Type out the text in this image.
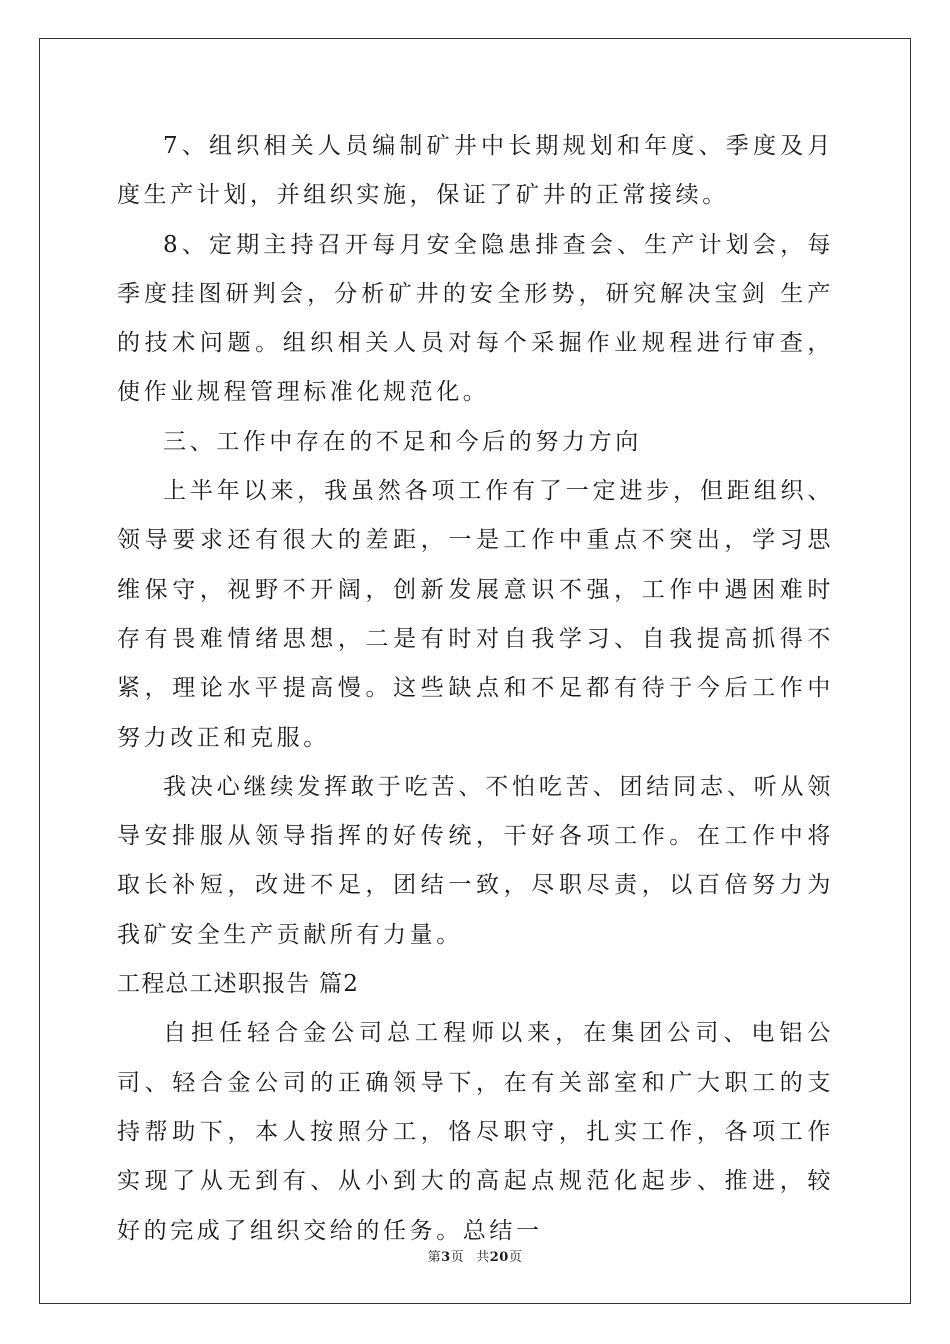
7、组织相关人员编制矿井中长期规划和年度、季度及月度生产计划，并组织实施，保证了矿井的正常接续。

8、定期主持召开每月安全隐患排查会、生产计划会，每季度挂图研判会，分析矿井的安全形势，研究解决宝剑 生产的技术问题。组织相关人员对每个采掘作业规程进行审查，使作业规程管理标准化规范化。

三、工作中存在的不足和今后的努力方向

上半年以来，我虽然各项工作有了一定进步，但距组织、领导要求还有很大的差距，一是工作中重点不突出，学习思维保守，视野不开阔，创新发展意识不强，工作中遇困难时存有畏难情绪思想，二是有时对自我学习、自我提高抓得不紧，理论水平提高慢。这些缺点和不足都有待于今后工作中努力改正和克服。

我决心继续发挥敢于吃苦、不怕吃苦、团结同志、听从领导安排服从领导指挥的好传统，干好各项工作。在工作中将取长补短，改进不足，团结一致，尽职尽责，以百倍努力为我矿安全生产贡献所有力量。

工程总工述职报告 篇2

自担任轻合金公司总工程师以来，在集团公司、电铝公司、轻合金公司的正确领导下，在有关部室和广大职工的支持帮助下，本人按照分工，恪尽职守，扎实工作，各项工作实现了从无到有、从小到大的高起点规范化起步、推进，较好的完成了组织交给的任务。总结一

第3页 共20页
